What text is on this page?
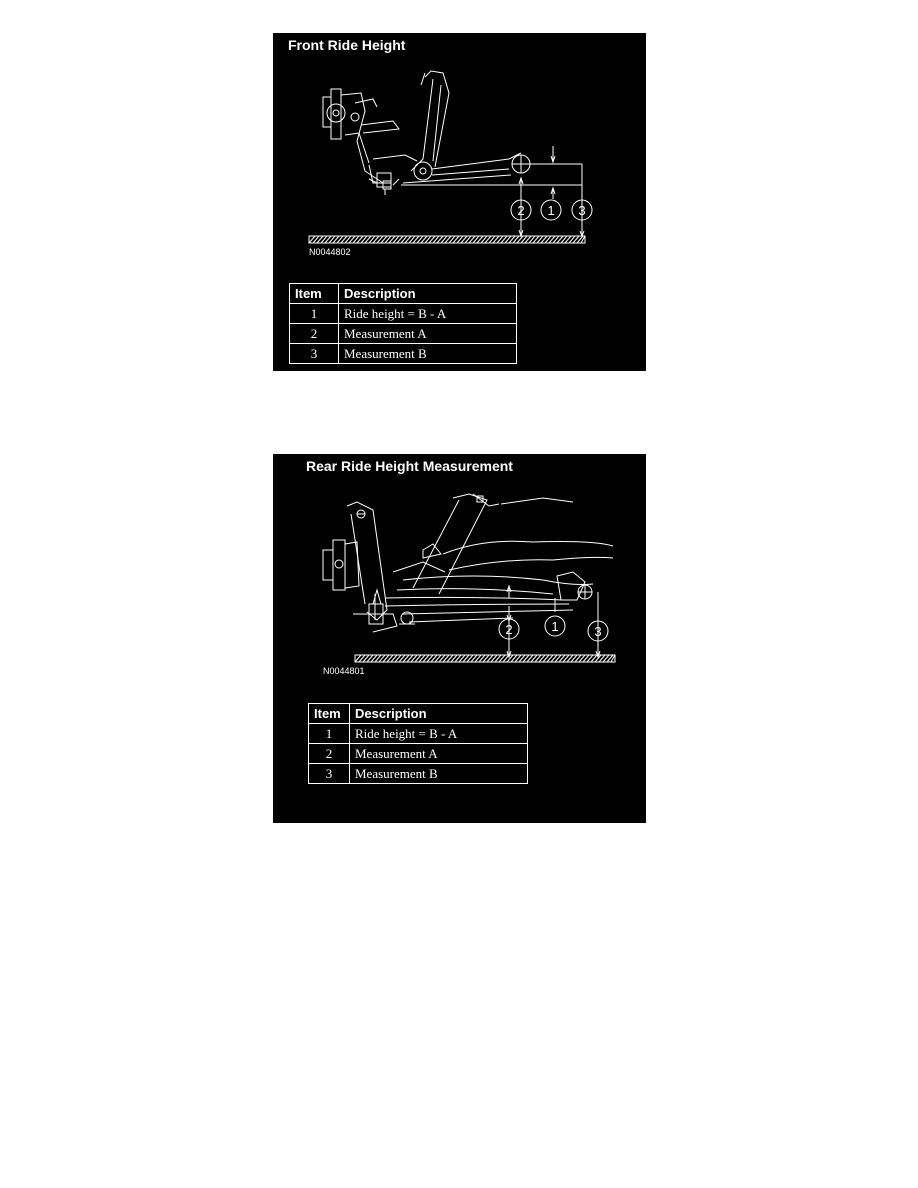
Front Ride Height
2 1 3
N0044802
Item	Description
1	Ride height = B - A
2	Measurement A
3	Measurement B
Rear Ride Height Measurement
2	1	3
N0044801
Item	Description
1	Ride height = B - A
2	Measurement A
3	Measurement B
